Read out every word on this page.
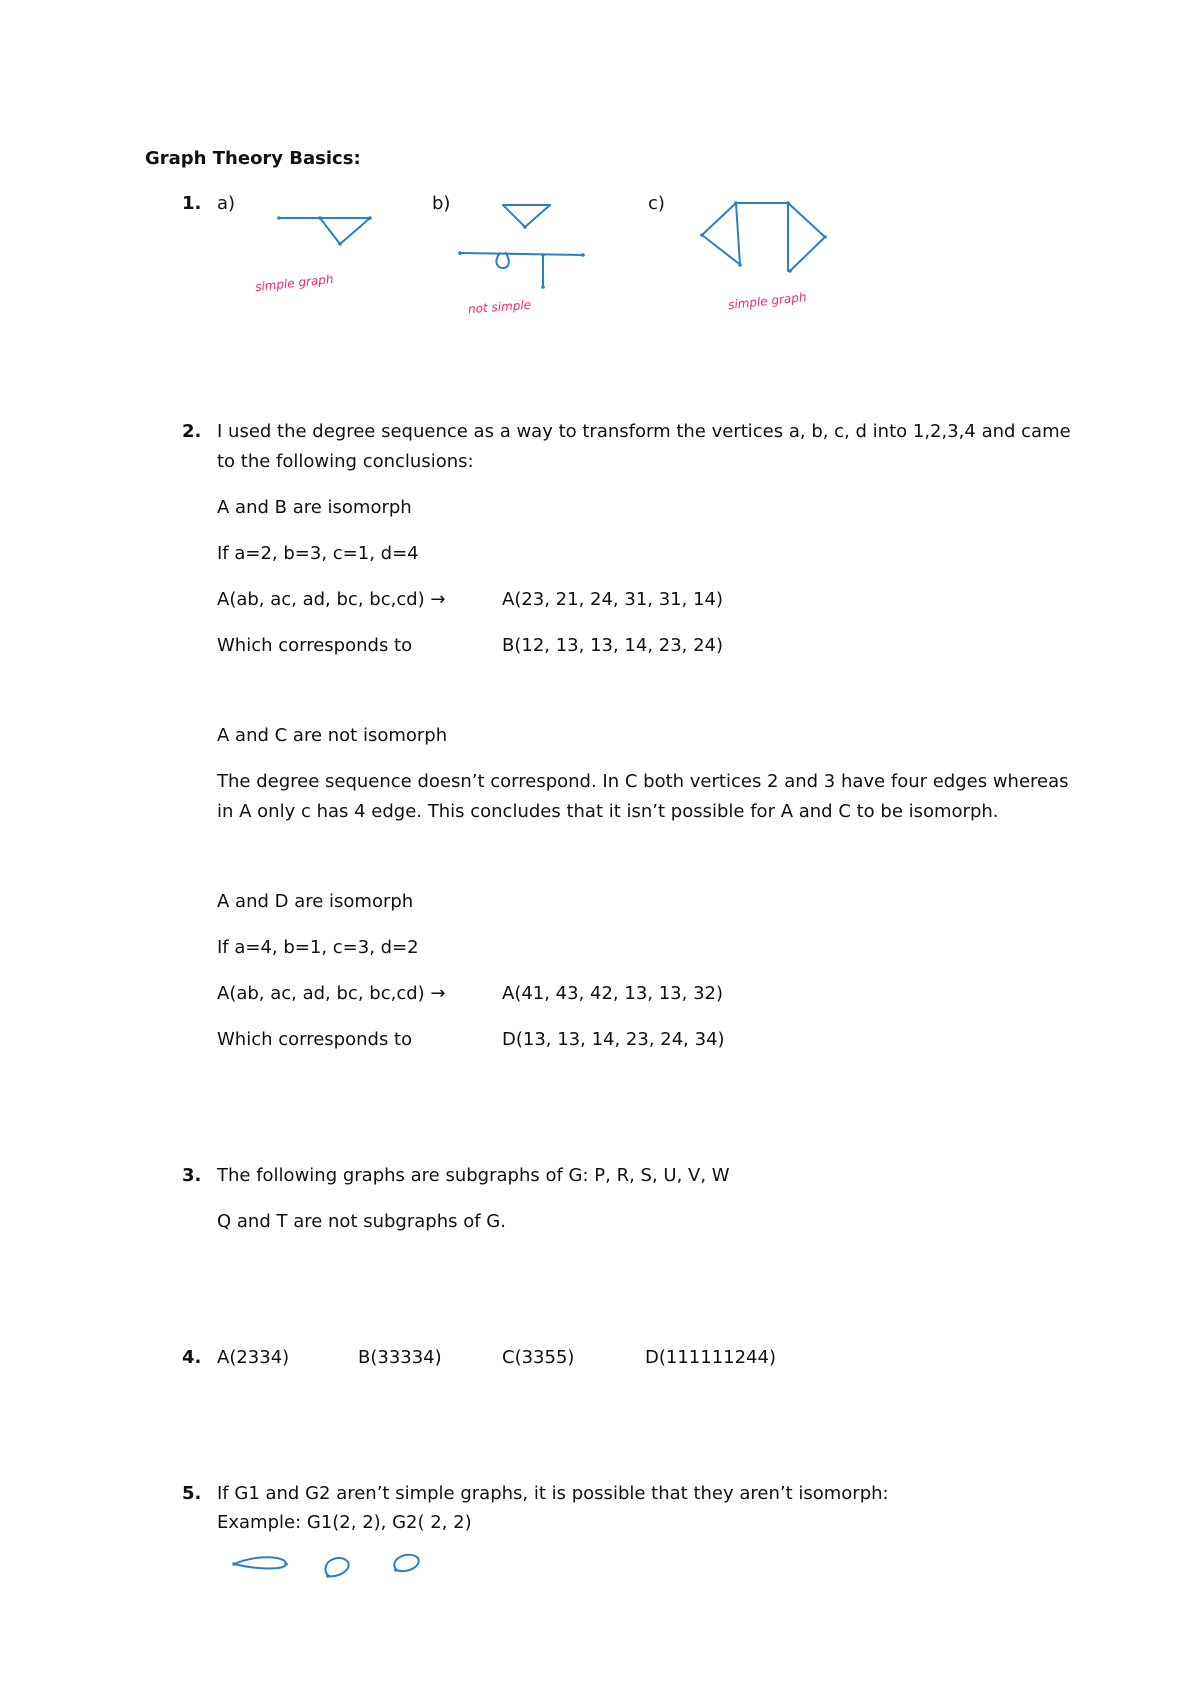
Graph Theory Basics:
1. a)	b)	c)
simple graph
not simple	simple graph
2. I used the degree sequence as a way to transform the vertices a, b, c, d into 1,2,3,4 and came
to the following conclusions:
A and B are isomorph
If a=2, b=3, c=1, d=4
A(ab, ac, ad, bc, bc,cd) →	A(23, 21, 24, 31, 31, 14)
Which corresponds to	B(12, 13, 13, 14, 23, 24)
A and C are not isomorph
The degree sequence doesn’t correspond. In C both vertices 2 and 3 have four edges whereas
in A only c has 4 edge. This concludes that it isn’t possible for A and C to be isomorph.
A and D are isomorph
If a=4, b=1, c=3, d=2
A(ab, ac, ad, bc, bc,cd) →	A(41, 43, 42, 13, 13, 32)
Which corresponds to	D(13, 13, 14, 23, 24, 34)
3. The following graphs are subgraphs of G: P, R, S, U, V, W
Q and T are not subgraphs of G.
4. A(2334)	B(33334)	C(3355)	D(111111244)
5. If G1 and G2 aren’t simple graphs, it is possible that they aren’t isomorph:
Example: G1(2, 2), G2( 2, 2)
